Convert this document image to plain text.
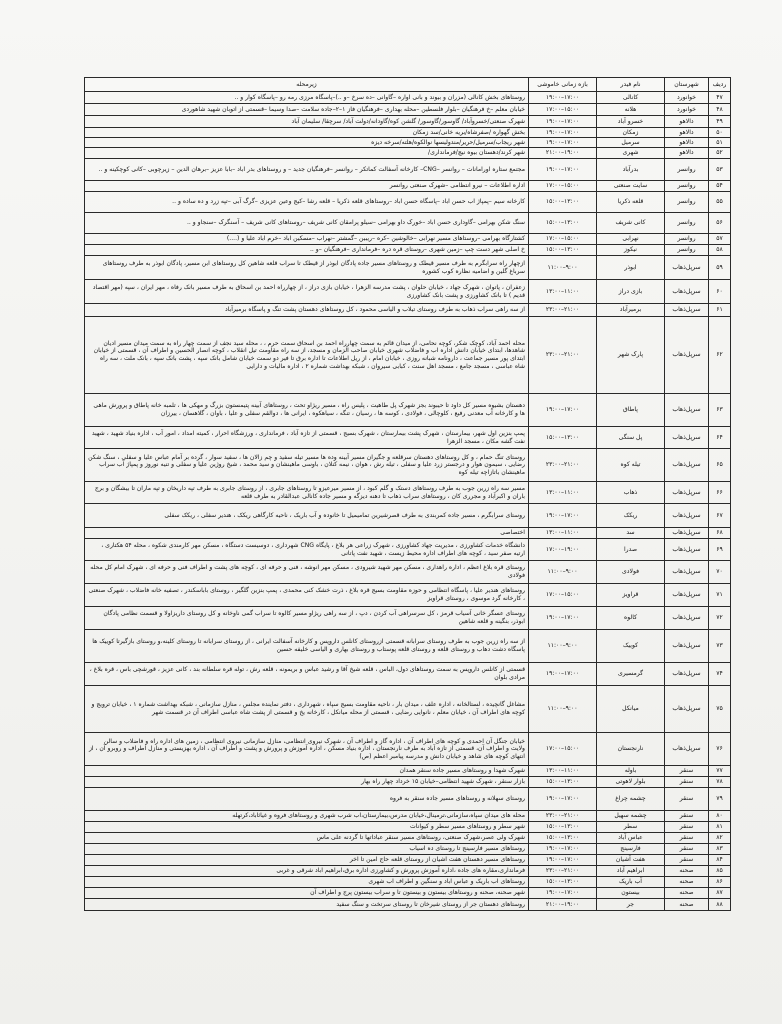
ردیف	شهرستان	نام فیدر	بازه زمانی خاموشی	زیرمحله
۴۷	خوانورد	کانالی	۱۹:۰۰–۱۷:۰۰	روستاهای بخش کانالی (مزران و بیوند و بانی اواره –گاوانی –ده سرخ –و ..)–پاسگاه مرزی رمه رو –پاسگاه کوار و ..
۴۸	خوانورد	هلانه	۱۷:۰۰–۱۵:۰۰	خیابان معلم –خ فرهنگیان –بلوار فلسطین –محله بهداری –فرهنگیان فاز ۱–۲–جاده سلامت –صدا وسیما –قسمتی از اتوبان شهید شاهوردی
۴۹	دالاهو	خسرو آباد	۱۹:۰۰–۱۷:۰۰	شهرک صنعتی/خسروآباد/ گاوسور/گاوسور/ گلشن کوه/گاودانه/دولت آباد/ سرچقا/ سلیمان آباد
۵۰	دالاهو	زمکان	۱۹:۰۰–۱۷:۰۰	بخش گهواره /صفرشاه/بریه خانی/سد زمکان
۵۱	دالاهو	سرمیل	۱۹:۰۰–۱۷:۰۰	شهر ریجاب/سرمیل/حریر/مندولیسها نوالکوه/هلته/سرخه دیزه
۵۲	دالاهو	شهری	۲۱:۰۰–۱۹:۰۰	شهر کرند/دهستان بیوه نیچ/فرمانداری/
۵۳	روانسر	بدرآباد	۱۹:۰۰–۱۷:۰۰	مجتمع ستاره اورامانات – روانسر –CNG– کارخانه آسفالت کماتکر – روانسر –فرهنگیان جدید – و روستاهای بدر اباد –بابا عزیز –برهان الدین – زیرچوبی –کانی کوچکینه و ..
۵۴	روانسر	سایت صنعتی	۱۷:۰۰–۱۵:۰۰	اداره اطلاعات – نیرو انتظامی –شهرک صنعتی روانسر
۵۵	روانسر	قلعه ذکریا	۱۵:۰۰–۱۳:۰۰	کارخانه سیم –پمپاژ اب حسن اباد –پاسگاه حسن اباد –روستاهای قلعه ذکریا – قلعه رشا –کیج وعین عزیزی –گرگ آبی –تپه زرد و ده ساده و ..
۵۶	روانسر	کانی شریف	۱۵:۰۰–۱۳:۰۰	سنگ شکن بهرامی –گاوداری حسن اباد –خورک داو بهرامی –سیلو پرامقان کانی شریف –روستاهای کانی شریف – آسنگرک –سنجاو و ..
۵۷	روانسر	نهرابی	۱۷:۰۰–۱۵:۰۰	کشتارگاه بهرامی –روستاهای مسیر نهرابی –خالوشین –کره –ریبین –گمشتر –نهراب –مسکین اباد –خرم اباد علیا و (....)
۵۸	روانسر	نیکوز	۱۵:۰۰–۱۳:۰۰	خ اصلی شهر دست چپ –زمین شهری –روستای قره دره –فرمانداری –فرهنگیان –و ..
۵۹	سرپل‌ذهاب	ابوذر	۱۱:۰۰–۹:۰۰	ازچهار راه سرابگرم به طرف مسیر قیطک و روستاهای مسیر جاده پادگان ابوذر از قیطک تا سراب قلعه شاهین کل روستاهای ابن مسیر، پادگان ابوذر به طرف روستاهای سرباغ گلین و اضامیه نظاره کوب کشوره
۶۰	سرپل‌ذهاب	بازی دراز	۱۳:۰۰–۱۱:۰۰	زعفران ، پاتوان ، شهرک جهاد ، خیابان حلوان ، پشت مدرسه الزهرا ، خیابان بازی دراز ، از چهارراه احمد بن اسحاق به طرف مسیر بانک رفاه ، مهر ایران ، سپه (مهر اقتصاد قدیم ) تا بانک کشاورزی و پشت بانک کشاورزی
۶۱	سرپل‌ذهاب	برمیرآباد	۲۳:۰۰–۲۱:۰۰	از سه راهی سراب ذهاب به طرف روستای تیلاب و الیاسی محمود ، کل روستاهای دهستان پشت تنگ و پاسگاه برمیرآباد
۶۲	سرپل‌ذهاب	پارک شهر	۲۳:۰۰–۲۱:۰۰	محله احمد آباد، کوچک شکر، کوچه نحامی، از میدان قائم به سمت چهارراه احمد بن اسحاق سمت حرم ، ، محله سید نجف از سمت چهار راه به سمت میدان مسیر ادیان شاهدها، ابتدای خیابان دانش اداره اب و فاضلاب شهری خیابان صاحب الزمان و مسجد، از سه راه مقاومت تیل انقلاب ، کوچه انصار الحسین و اطراف آن ، قسمتی از خیابان ابتدای پور مسیر جماعت ، دارونامه شبانه روزی ، خیابان امام ، از ریل اطلاعات تا اداره برق تا فیر دو سمت خیابان شامل بانک سپه ، پشت بانک سپه ، بانک ملت ، سه راه شاه عباسی ، مسجد جامع ، مسجد اهل سنت ، کبابی سیروان ، شبکه بهداشت شماره ۲ ، اداره مالیات و دارایی
۶۳	سرپل‌ذهاب	پاطاق	۱۹:۰۰–۱۷:۰۰	دهستان بشیوه مسیر کل داود تا حیبوند بجز شهرک پل طاهیت ، پلیس راه ، مسیر ریژاو تحت ، روستاهای آبینه پتیمستون بزرگ و مهکی ها ، تلمبه خانه پاطاق و پرورش ماهی ها و کارخانه آب معدنی رفیع ، کلوچالی ، فولادی ، کوسه ها ، رسیان ، تنگه ، سیاهکوه ، ایرانی ها ، دوالقم سفلی و علیا ، باوان ، گلاهسان ، ییرزان
۶۴	سرپل‌ذهاب	پل سنگی	۱۵:۰۰–۱۳:۰۰	پمپ بنزین اول شهر، بیمارستان ، شهرک پشت بیمارستان ، شهرک بسیج ، قسمتی از تازه آباد ، فرمانداری ، ورزشگاه احرار ، کمیته امداد ، امور آب ، اداره بنیاد شهید ، شهید نفت گشه مکان ، مسجد الزهرا
۶۵	سرپل‌ذهاب	تیله کوه	۲۳:۰۰–۲۱:۰۰	روستای تنگ حمام ، و کل روستاهای دهستان سرقلعه و جگیران مسیر آبینه وده ها مسیر تیله سفید و چم زالان ها ، سفید سوار ، گرده بر آمام عباس علیا و سفلی ، سنگ شکن رضایی ، سیمون هوار و درجستر زرد علیا و سفلی ، تیله رش ، هوان ، نیمه کنلان ، باوسی ماهینشان و سید محمد ، شیخ روژین علیا و سفلی و تنیه نوروز و پمپاژ آب سراب ماهینشان باتازاچه تیله کوه
۶۶	سرپل‌ذهاب	ذهاب	۱۳:۰۰–۱۱:۰۰	مسیر سه راه زرین جوب به طرف روستاهای دستک و گلم کبود ، از مسیر میرعیزو تا روستاهای جابری ، از روستای جابری به طرف تپه داریخان و تپه ماران تا بیشگان و برج باران و اکبرآباد و مجرری کان ، روستاهای سراب ذهاب تا دهنه دیزگه و مسیر جاده کانالی عبدالقادر به طرف قلعه
۶۷	سرپل‌ذهاب	ریکک	۱۹:۰۰–۱۷:۰۰	روستای سرابگرم ، مسیر جاده کمربندی به طرف قصرشیرین تمامیمیل تا خانوده و آب باریک ، ناحیه کارگاهی ریکک ، هندیر سفلی ، ریکک سفلی
۶۸	سرپل‌ذهاب	سد	۱۳:۰۰–۱۱:۰۰	اختصاصی
۶۹	سرپل‌ذهاب	صدرا	۱۷:۰۰–۱۹:۰۰	دانشگاه خدمات کشاورزی ، مدیریت جهاد کشاورزی ، شهرک زراعی هر بلاغ ، پایگاه CNG شهرداری ، دوسیست دستگاه ، مسکن مهر کارمندی شکوه ، محله ۵۴ هکتاری ، ارتیه صفر سید ، کوچه های اطراف اداره محیط زیست ، شهید نفت پاتانی
۷۰	سرپل‌ذهاب	فولادی	۱۱:۰۰–۹:۰۰	روستای قره بلاغ اعظم ، اداره راهداری ، مسکن مهر شهید شیرودی ، مسکن مهر انوشه ، فنی و حرفه ای ، کوچه های پشت و اطراف فنی و حرفه ای ، شهرک امام کل محله فولادی
۷۱	سرپل‌ذهاب	قراویز	۱۷:۰۰–۱۵:۰۰	روستاهای هندیر علیا ، پاسگاه انتظامی و حوزه مقاومت بسیج قره بلاغ ، ذرت خشک کنی محمدی ، پمپ بنزین گلگیر ، روستای باباسکندر ، تصفیه خانه فاضلاب ، شهرک صنعتی ، کارخانه گرد موسوی ، روستای قراویز
۷۲	سرپل‌ذهاب	کالوه	۱۹:۰۰–۱۷:۰۰	روستای عسگر خانی آسیاب قرمز ، کل سرسراهی آب کردن ، دپ ، از سه راهی ریژاو مسیر کالوه تا سراب گمی ناوخانه و کل روستای داریزاولا و قسمت نظامی پادگان ابوذر، بنگینه و قلعه شاهین
۷۳	سرپل‌ذهاب	کوییک	۱۱:۰۰–۹:۰۰	از سه راه زرین جوب به طرف روستای سرابانه قسمتی ازروستای کانلس داروپس و کارخانه آسفالت ایرانی ، از روستای سرابانه تا روستای کلینه،و روستای بازگیرتا کوییک ها پاسگاه دشت دهاب و روستای قلعه و روستای قلعه پوستاب و روستای بهاری و الیاسی خلیفه حسین
۷۴	سرپل‌ذهاب	گرمسیری	۱۹:۰۰–۱۷:۰۰	قسمتی از کانلس داروپس به سمت روستاهای دول، الباس ، قلعه شیخ آقا و رشید عباس و بریمونه ، قلعه رش ، توله قره سلطانه بند ، کانی عزیز ، قورشچی باس ، قره بلاغ ، مرادی بلوان
۷۵	سرپل‌ذهاب	میانکل	۱۱:۰۰–۹:۰۰	مشاغل گانچیده ، لستالخانه ، اداره علف ، میدان بار ، ناحیه مقاومت بسیج سپاه ، شهرداری ، دفتر نماینده مجلس ، منازل سازمانی ، شبکه بهداشت شماره ۱ ، خیابان ترویج و کوچه های اطراف آن ، خیابان معلم ، نانوایی رضایی ، قسمتی از محله میانکل ، کارخانه یخ و قسمتی از پشت شاه عباسی اطراف آن در قسمت شهر
۷۶	سرپل‌ذهاب	نارنجستان	۱۷:۰۰–۱۵:۰۰	خیابان جنگل آن احمدی و کوچه های اطراف آن ، اداره گاز و اطراف آن ، شهرک نیروی انتظامی، منازل سازمانی نیروی انتظامی ، زمین های اداره راه و فاضلاب و سالن ولایت و اطراف آن، قسمتی از تازه آباد به طرف نارنجستان ، اداره بنیاد مسکن ، اداره آموزش و پرورش و پشت و اطراف آن ، اداره بهزیستی و منازل اطراف و روبرو آن ، از انتهای کوچه های شاهد و خیابان دانش و مدرسه پیامبر اعظم (ص)
۷۷	سنقر	باوله	۱۳:۰۰–۱۱:۰۰	شهرک شهدا و روستاهای مسیر جاده سنقر همدان
۷۸	سنقر	بلوار لاهوتی	۱۵:۰۰–۱۳:۰۰	بازار سنقر ، شهرک شهید انتظامی–خیابان ۱۵ خرداد چهار راه بهار
۷۹	سنقر	چشمه چراغ	۱۹:۰۰–۱۷:۰۰	روستای سهلانه و روستاهای مسیر جاده سنقر به فروه
۸۰	سنقر	چشمه سهیل	۲۳:۰۰–۲۱:۰۰	محله های میدان سپاه،سازمانی،ترمینال،خیابان مدرس،بیمارستان،اب شرب شهری و روستاهای فروه و غیاثاباد،کرتهله
۸۱	سنقر	سطر	۱۵:۰۰–۱۳:۰۰	شهر سطر و روستاهای مسیر سطر و کیوانات
۸۲	سنقر	عباس آباد	۱۵:۰۰–۱۳:۰۰	شهرک ولی عصر،شهرک صنعتی، روستاهای مسیر سنقر عباداتها تا گردنه علی ماس
۸۳	سنقر	فارسینج	۱۹:۰۰–۱۷:۰۰	روستاهای مسیر فارسینج تا روستای ده اسیاب
۸۴	سنقر	هفت آشیان	۱۹:۰۰–۱۷:۰۰	روستاهای مسیر دهستان هفت اشیان از روستای قلعه حاج امین تا اخر
۸۵	صحنه	ابراهیم آباد	۲۳:۰۰–۲۱:۰۰	فرمانداری،مقاره های جاده ،اداره آموزش پرورش و کشاورزی اداره برق،ابراهیم اباد شرقی و غربی
۸۶	صحنه	آب باریک	۱۵:۰۰–۱۳:۰۰	روستاهای اب باریک و عباس اباد و سنگین و اطراف اب شهری
۸۷	صحنه	بیستون	۱۹:۰۰–۱۷:۰۰	شهر صحنه، صحنه و روستاهای بیستون و بیستون تا و سراب بیستون پرج و اطراف آن
۸۸	صحنه	جر	۲۱:۰۰–۱۹:۰۰	روستاهای دهستان جر از روستای شیرخان تا روستای سرتخت و سنگ سفید
